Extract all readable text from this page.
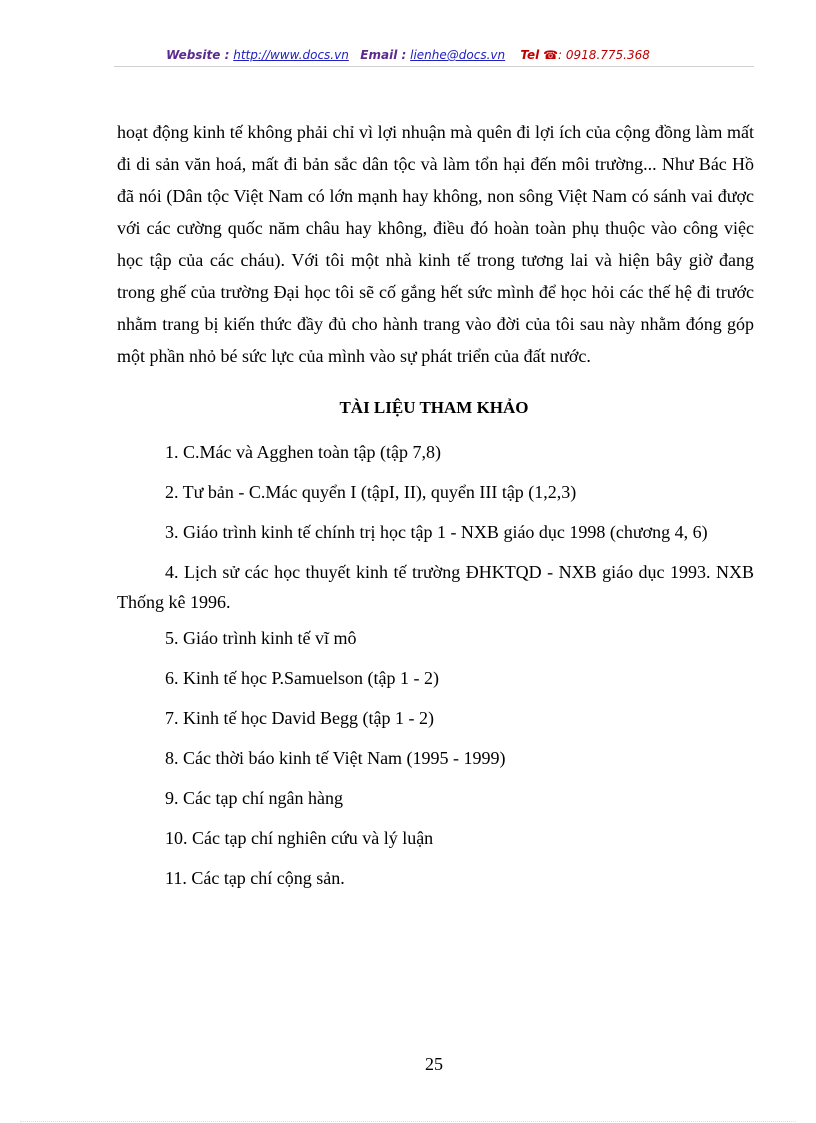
Website : http://www.docs.vn Email : lienhe@docs.vn Tel ☎: 0918.775.368

hoạt động kinh tế không phải chỉ vì lợi nhuận mà quên đi lợi ích của cộng đồng làm mất đi di sản văn hoá, mất đi bản sắc dân tộc và làm tổn hại đến môi trường... Như Bác Hồ đã nói (Dân tộc Việt Nam có lớn mạnh hay không, non sông Việt Nam có sánh vai được với các cường quốc năm châu hay không, điều đó hoàn toàn phụ thuộc vào công việc học tập của các cháu). Với tôi một nhà kinh tế trong tương lai và hiện bây giờ đang trong ghế của trường Đại học tôi sẽ cố gắng hết sức mình để học hỏi các thế hệ đi trước nhằm trang bị kiến thức đầy đủ cho hành trang vào đời của tôi sau này nhằm đóng góp một phần nhỏ bé sức lực của mình vào sự phát triển của đất nước.

TÀI LIỆU THAM KHẢO
1. C.Mác và Agghen toàn tập (tập 7,8)
2. Tư bản - C.Mác quyển I (tậpI, II), quyển III tập (1,2,3)
3. Giáo trình kinh tế chính trị học tập 1 - NXB giáo dục 1998 (chương 4, 6)
4. Lịch sử các học thuyết kinh tế trường ĐHKTQD - NXB giáo dục 1993. NXB Thống kê 1996.
5. Giáo trình kinh tế vĩ mô
6. Kinh tế học P.Samuelson (tập 1 - 2)
7. Kinh tế học David Begg (tập 1 - 2)
8. Các thời báo kinh tế Việt Nam (1995 - 1999)
9. Các tạp chí ngân hàng
10. Các tạp chí nghiên cứu và lý luận
11. Các tạp chí cộng sản.
25
